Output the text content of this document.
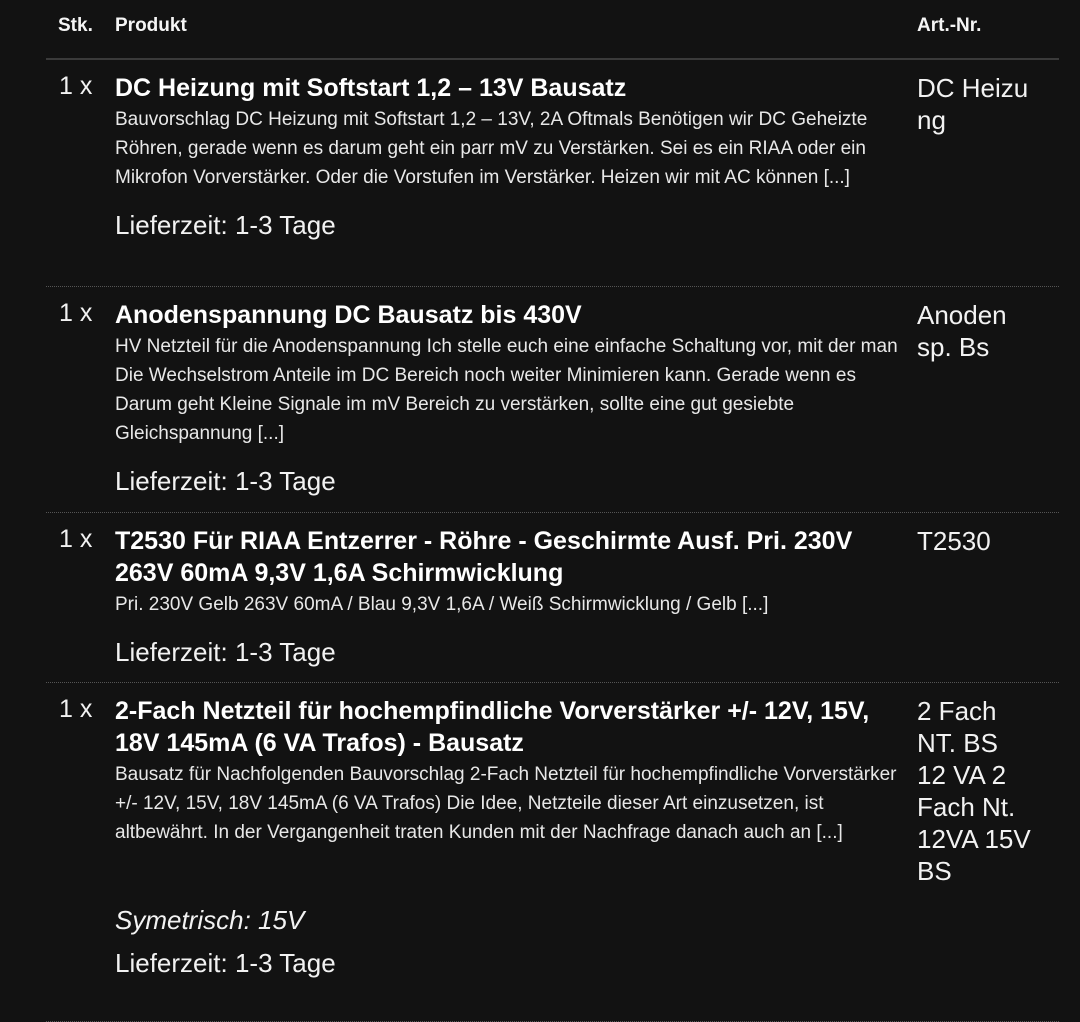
Stk. Produkt	Art.-Nr.
1 x DC Heizung mit Softstart 1,2 – 13V Bausatz
Bauvorschlag DC Heizung mit Softstart 1,2 – 13V, 2A Oftmals Benötigen wir DC Geheizte Röhren, gerade wenn es darum geht ein parr mV zu Verstärken. Sei es ein RIAA oder ein Mikrofon Vorverstärker. Oder die Vorstufen im Verstärker. Heizen wir mit AC können [...]
Lieferzeit: 1-3 Tage
DC Heizung
1 x Anodenspannung DC Bausatz bis 430V
HV Netzteil für die Anodenspannung Ich stelle euch eine einfache Schaltung vor, mit der man Die Wechselstrom Anteile im DC Bereich noch weiter Minimieren kann. Gerade wenn es Darum geht Kleine Signale im mV Bereich zu verstärken, sollte eine gut gesiebte Gleichspannung [...]
Lieferzeit: 1-3 Tage
Anoden sp. Bs
1 x T2530 Für RIAA Entzerrer - Röhre - Geschirmte Ausf. Pri. 230V 263V 60mA 9,3V 1,6A Schirmwicklung
Pri. 230V Gelb 263V 60mA / Blau 9,3V 1,6A / Weiß Schirmwicklung / Gelb [...]
Lieferzeit: 1-3 Tage
T2530
1 x 2-Fach Netzteil für hochempfindliche Vorverstärker +/- 12V, 15V, 18V 145mA (6 VA Trafos) - Bausatz
Bausatz für Nachfolgenden Bauvorschlag 2-Fach Netzteil für hochempfindliche Vorverstärker +/- 12V, 15V, 18V 145mA (6 VA Trafos) Die Idee, Netzteile dieser Art einzusetzen, ist altbewährt. In der Vergangenheit traten Kunden mit der Nachfrage danach auch an [...]
Symetrisch: 15V
Lieferzeit: 1-3 Tage
2 Fach NT. BS 12 VA 2 Fach Nt. 12VA 15V BS
